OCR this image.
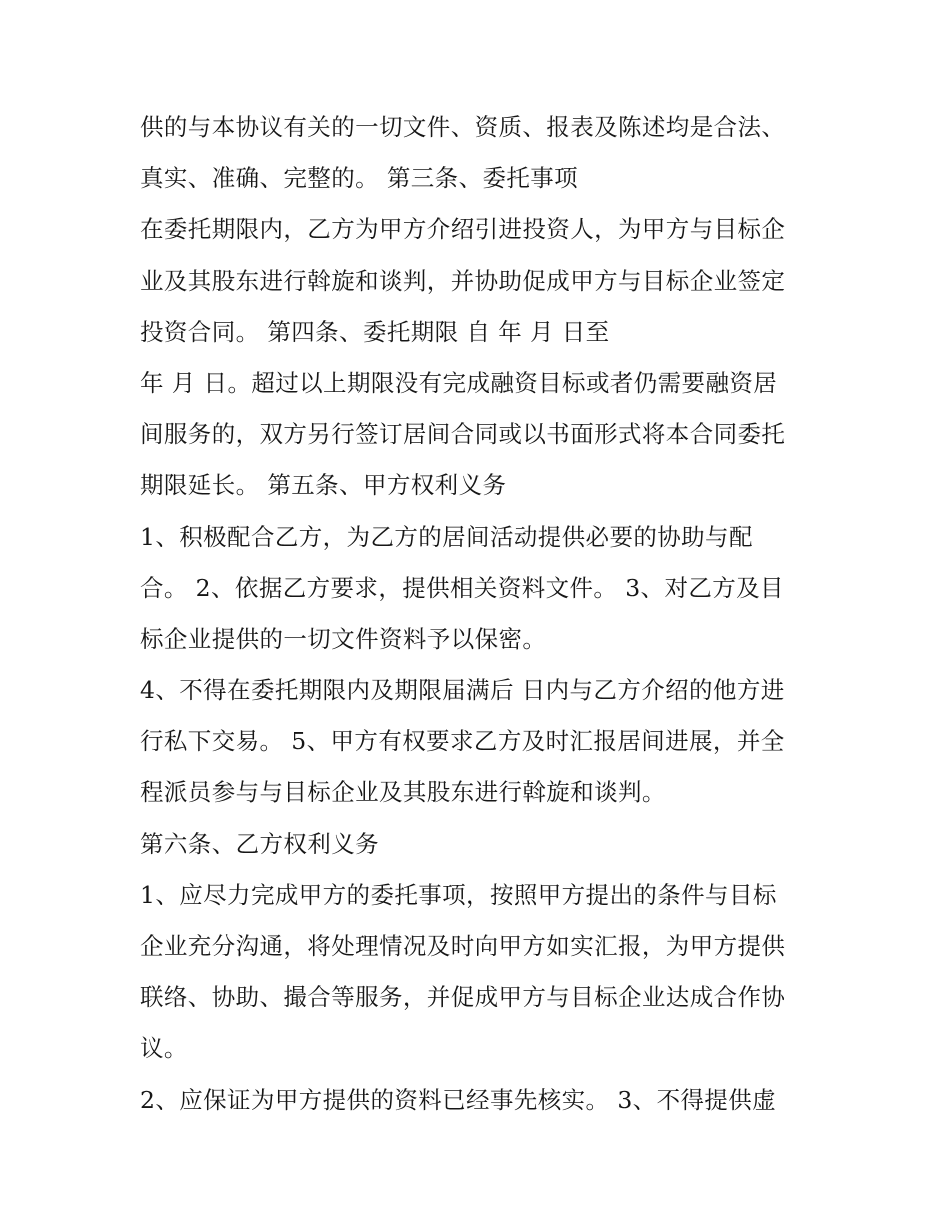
供的与本协议有关的一切文件、资质、报表及陈述均是合法、
真实、准确、完整的。 第三条、委托事项
在委托期限内，乙方为甲方介绍引进投资人，为甲方与目标企
业及其股东进行斡旋和谈判，并协助促成甲方与目标企业签定
投资合同。 第四条、委托期限 自 年 月 日至
年 月 日。超过以上期限没有完成融资目标或者仍需要融资居
间服务的，双方另行签订居间合同或以书面形式将本合同委托
期限延长。 第五条、甲方权利义务
1、积极配合乙方，为乙方的居间活动提供必要的协助与配
合。 2、依据乙方要求，提供相关资料文件。 3、对乙方及目
标企业提供的一切文件资料予以保密。
4、不得在委托期限内及期限届满后 日内与乙方介绍的他方进
行私下交易。 5、甲方有权要求乙方及时汇报居间进展，并全
程派员参与与目标企业及其股东进行斡旋和谈判。
第六条、乙方权利义务
1、应尽力完成甲方的委托事项，按照甲方提出的条件与目标
企业充分沟通，将处理情况及时向甲方如实汇报，为甲方提供
联络、协助、撮合等服务，并促成甲方与目标企业达成合作协
议。
2、应保证为甲方提供的资料已经事先核实。 3、不得提供虚
